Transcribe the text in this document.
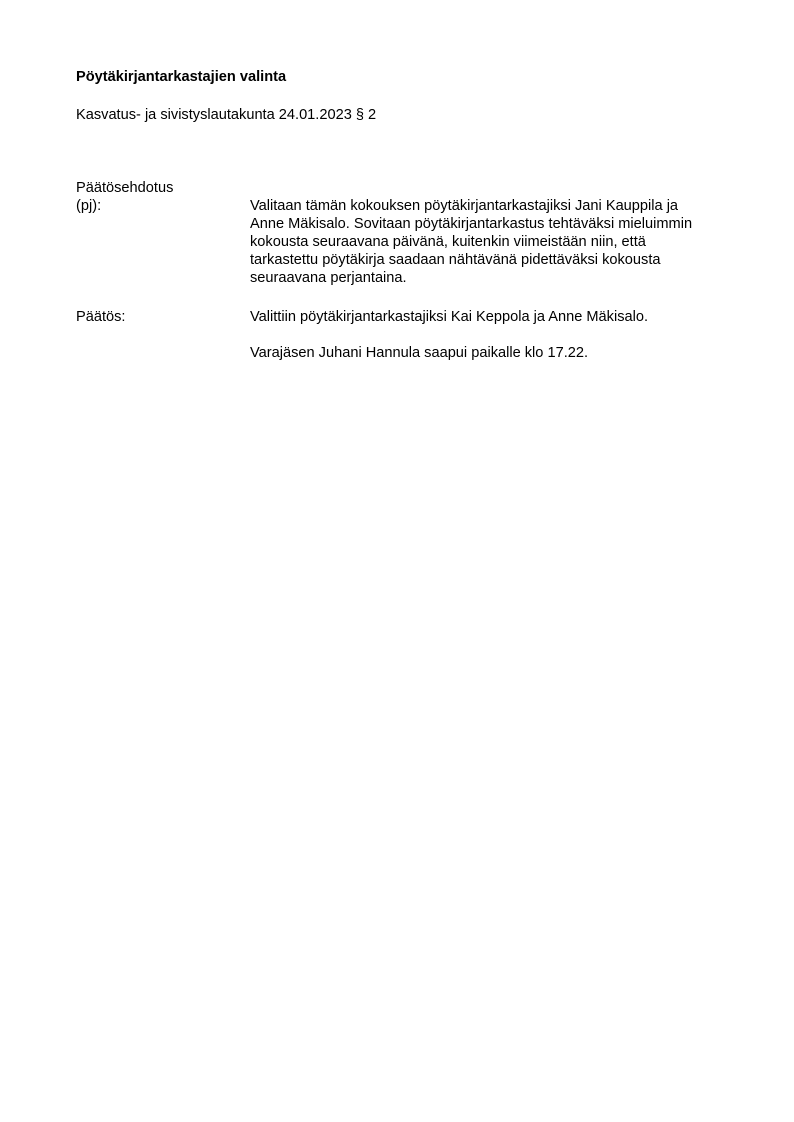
Pöytäkirjantarkastajien valinta
Kasvatus- ja sivistyslautakunta 24.01.2023 § 2
Päätösehdotus
(pj):	Valitaan tämän kokouksen pöytäkirjantarkastajiksi Jani Kauppila ja
Anne Mäkisalo. Sovitaan pöytäkirjantarkastus tehtäväksi mieluimmin
kokousta seuraavana päivänä, kuitenkin viimeistään niin, että
tarkastettu pöytäkirja saadaan nähtävänä pidettäväksi kokousta
seuraavana perjantaina.
Päätös:	Valittiin pöytäkirjantarkastajiksi Kai Keppola ja Anne Mäkisalo.
Varajäsen Juhani Hannula saapui paikalle klo 17.22.
